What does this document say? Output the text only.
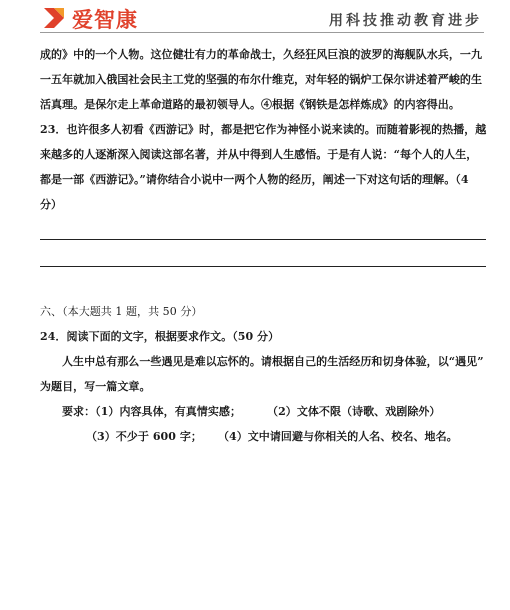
爱智康	用科技推动教育进步

成的》中的一个人物。这位健壮有力的革命战士，久经狂风巨浪的波罗的海舰队水兵，一九

一五年就加入俄国社会民主工党的坚强的布尔什维克，对年轻的锅炉工保尔讲述着严峻的生

活真理。是保尔走上革命道路的最初领导人。④根据《钢铁是怎样炼成》的内容得出。

23．也许很多人初看《西游记》时，都是把它作为神怪小说来读的。而随着影视的热播，越

来越多的人逐渐深入阅读这部名著，并从中得到人生感悟。于是有人说：“每个人的人生，

都是一部《西游记》。”请你结合小说中一两个人物的经历，阐述一下对这句话的理解。（4

分）

六、（本大题共 1 题，共 50 分）

24．阅读下面的文字，根据要求作文。（50 分）

人生中总有那么一些遇见是难以忘怀的。请根据自己的生活经历和切身体验，以“遇见”

为题目，写一篇文章。

要求：（1）内容具体，有真情实感； （2）文体不限（诗歌、戏剧除外）

（3）不少于 600 字； （4）文中请回避与你相关的人名、校名、地名。
